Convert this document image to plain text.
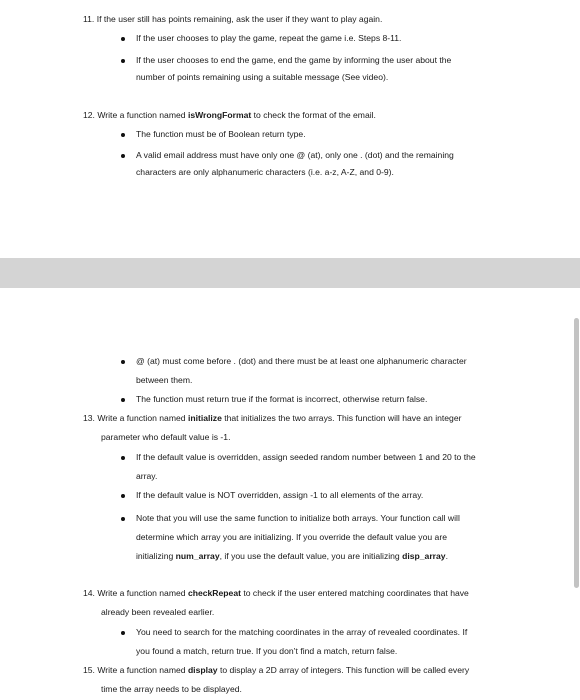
11. If the user still has points remaining, ask the user if they want to play again.
If the user chooses to play the game, repeat the game i.e. Steps 8-11.
If the user chooses to end the game, end the game by informing the user about the
number of points remaining using a suitable message (See video).
12. Write a function named isWrongFormat to check the format of the email.
The function must be of Boolean return type.
A valid email address must have only one @ (at), only one . (dot) and the remaining
characters are only alphanumeric characters (i.e. a-z, A-Z, and 0-9).
@ (at) must come before . (dot) and there must be at least one alphanumeric character
between them.
The function must return true if the format is incorrect, otherwise return false.
13. Write a function named initialize that initializes the two arrays. This function will have an integer
parameter who default value is -1.
If the default value is overridden, assign seeded random number between 1 and 20 to the
array.
If the default value is NOT overridden, assign -1 to all elements of the array.
Note that you will use the same function to initialize both arrays. Your function call will
determine which array you are initializing. If you override the default value you are
initializing num_array, if you use the default value, you are initializing disp_array.
14. Write a function named checkRepeat to check if the user entered matching coordinates that have
already been revealed earlier.
You need to search for the matching coordinates in the array of revealed coordinates. If
you found a match, return true. If you don’t find a match, return false.
15. Write a function named display to display a 2D array of integers. This function will be called every
time the array needs to be displayed.
